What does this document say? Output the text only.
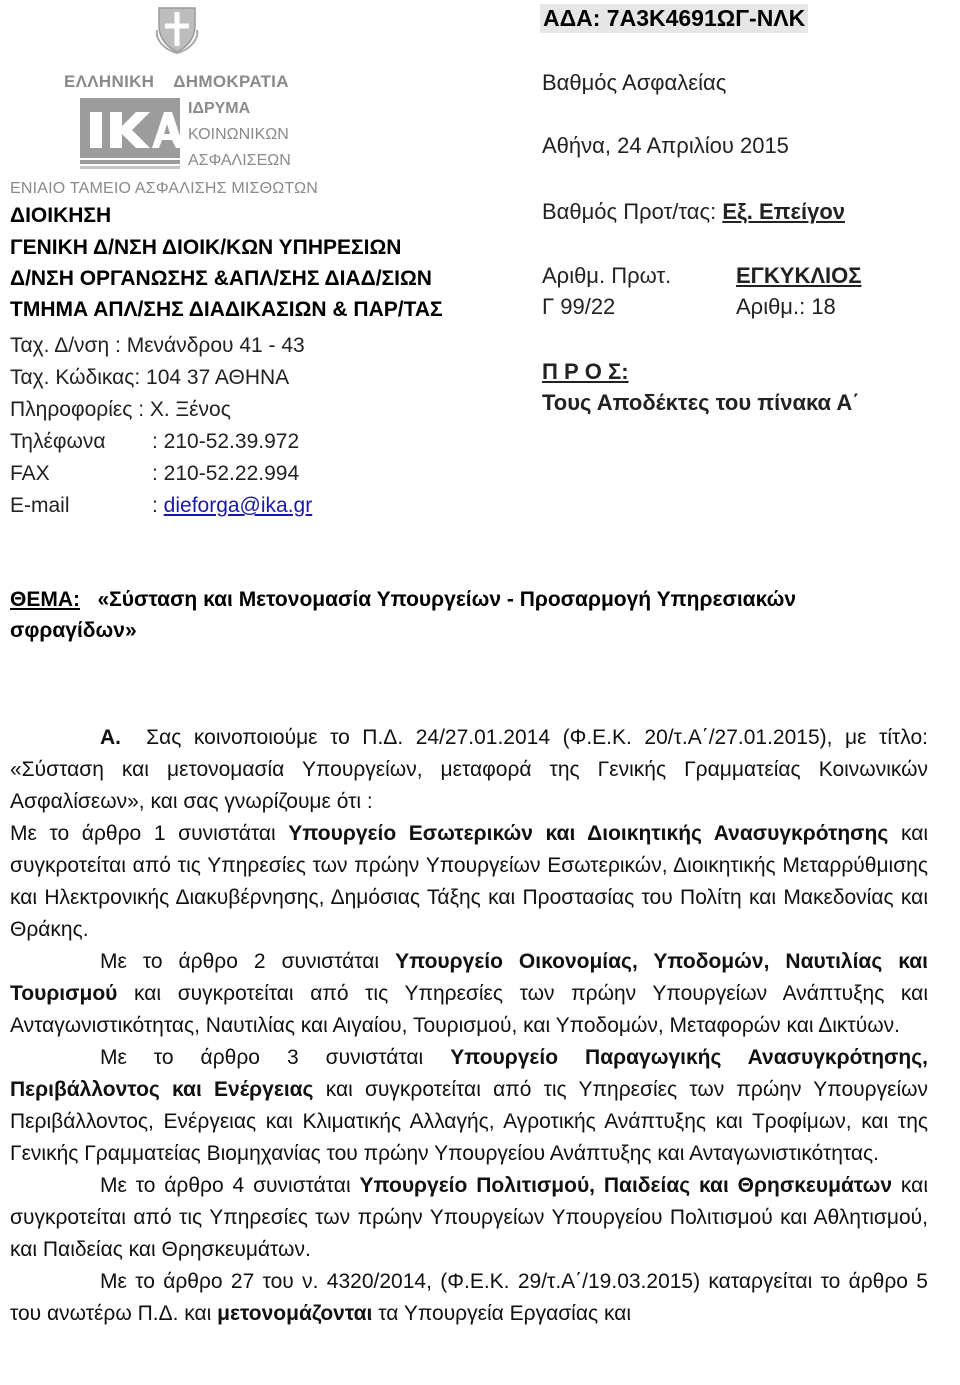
ΕΛΛΗΝΙΚΗ ΔΗΜΟΚΡΑΤΙΑ
ΙΔΡΥΜΑ
ΚΟΙΝΩΝΙΚΩΝ
ΑΣΦΑΛΙΣΕΩΝ
ΕΝΙΑΙΟ ΤΑΜΕΙΟ ΑΣΦΑΛΙΣΗΣ ΜΙΣΘΩΤΩΝ
ΔΙΟΙΚΗΣΗ
ΓΕΝΙΚΗ Δ/ΝΣΗ ΔΙΟΙΚ/ΚΩΝ ΥΠΗΡΕΣΙΩΝ
Δ/ΝΣΗ ΟΡΓΑΝΩΣΗΣ &ΑΠΛ/ΣΗΣ ΔΙΑΔ/ΣΙΩΝ
ΤΜΗΜΑ ΑΠΛ/ΣΗΣ ΔΙΑΔΙΚΑΣΙΩΝ & ΠΑΡ/ΤΑΣ
Ταχ. Δ/νση : Μενάνδρου 41 - 43
Ταχ. Κώδικας: 104 37 ΑΘΗΝΑ
Πληροφορίες : Χ. Ξένος
Τηλέφωνα : 210-52.39.972
FAX	: 210-52.22.994
E-mail	: dieforga@ika.gr
ΑΔΑ: 7Α3Κ4691ΩΓ-ΝΛΚ
Βαθμός Ασφαλείας
Αθήνα, 24 Απριλίου 2015
Βαθμός Προτ/τας: Εξ. Επείγον
Αριθμ. Πρωτ.	ΕΓΚΥΚΛΙΟΣ
Γ 99/22	Αριθμ.: 18
Π Ρ Ο Σ:
Τους Αποδέκτες του πίνακα Α΄
ΘΕΜΑ:   «Σύσταση και Μετονομασία Υπουργείων - Προσαρμογή Υπηρεσιακών σφραγίδων»

Α.  Σας κοινοποιούμε το Π.Δ. 24/27.01.2014 (Φ.Ε.Κ. 20/τ.Α΄/27.01.2015), με τίτλο: «Σύσταση και μετονομασία Υπουργείων, μεταφορά της Γενικής Γραμματείας Κοινωνικών Ασφαλίσεων», και σας γνωρίζουμε ότι :

Με το άρθρο 1 συνιστάται Υπουργείο Εσωτερικών και Διοικητικής Ανασυγκρότησης και συγκροτείται από τις Υπηρεσίες των πρώην Υπουργείων Εσωτερικών, Διοικητικής Μεταρρύθμισης και Ηλεκτρονικής Διακυβέρνησης, Δημόσιας Τάξης και Προστασίας του Πολίτη και Μακεδονίας και Θράκης.

Με το άρθρο 2 συνιστάται Υπουργείο Οικονομίας, Υποδομών, Ναυτιλίας και Τουρισμού και συγκροτείται από τις Υπηρεσίες των πρώην Υπουργείων Ανάπτυξης και Ανταγωνιστικότητας, Ναυτιλίας και Αιγαίου, Τουρισμού, και Υποδομών, Μεταφορών και Δικτύων.

Με το άρθρο 3 συνιστάται Υπουργείο Παραγωγικής Ανασυγκρότησης, Περιβάλλοντος και Ενέργειας και συγκροτείται από τις Υπηρεσίες των πρώην Υπουργείων Περιβάλλοντος, Ενέργειας και Κλιματικής Αλλαγής, Αγροτικής Ανάπτυξης και Τροφίμων, και της Γενικής Γραμματείας Βιομηχανίας του πρώην Υπουργείου Ανάπτυξης και Ανταγωνιστικότητας.

Με το άρθρο 4 συνιστάται Υπουργείο Πολιτισμού, Παιδείας και Θρησκευμάτων και συγκροτείται από τις Υπηρεσίες των πρώην Υπουργείων Υπουργείου Πολιτισμού και Αθλητισμού, και Παιδείας και Θρησκευμάτων.

Με το άρθρο 27 του ν. 4320/2014, (Φ.Ε.Κ. 29/τ.Α΄/19.03.2015) καταργείται το άρθρο 5 του ανωτέρω Π.Δ. και μετονομάζονται τα Υπουργεία Εργασίας και
